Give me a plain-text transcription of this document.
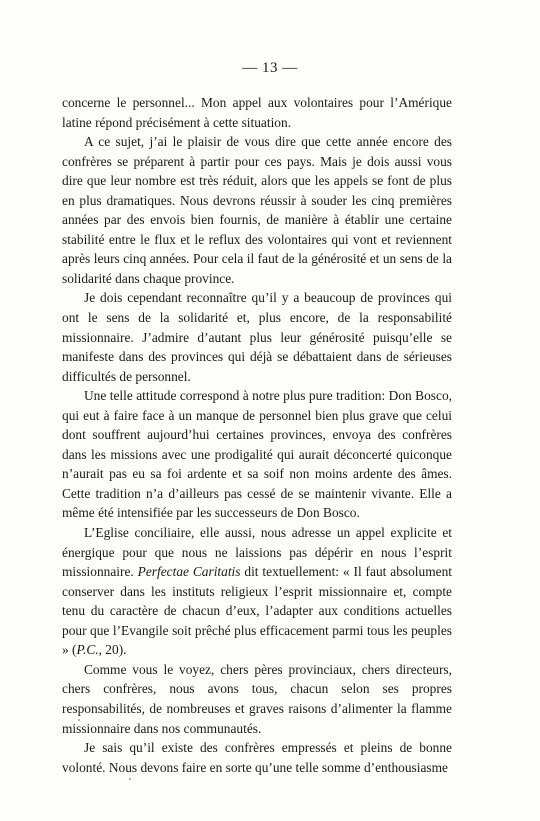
— 13 —

concerne le personnel... Mon appel aux volontaires pour l’Amérique latine répond précisément à cette situation.

A ce sujet, j’ai le plaisir de vous dire que cette année encore des confrères se préparent à partir pour ces pays. Mais je dois aussi vous dire que leur nombre est très réduit, alors que les appels se font de plus en plus dramatiques. Nous devrons réussir à souder les cinq premières années par des envois bien fournis, de manière à établir une certaine stabilité entre le flux et le reflux des volontaires qui vont et reviennent après leurs cinq années. Pour cela il faut de la générosité et un sens de la solidarité dans chaque province.

Je dois cependant reconnaître qu’il y a beaucoup de provinces qui ont le sens de la solidarité et, plus encore, de la responsabilité missionnaire. J’admire d’autant plus leur générosité puisqu’elle se manifeste dans des provinces qui déjà se débattaient dans de sérieuses difficultés de personnel.

Une telle attitude correspond à notre plus pure tradition: Don Bosco, qui eut à faire face à un manque de personnel bien plus grave que celui dont souffrent aujourd’hui certaines provinces, envoya des confrères dans les missions avec une prodigalité qui aurait déconcerté quiconque n’aurait pas eu sa foi ardente et sa soif non moins ardente des âmes. Cette tradition n’a d’ailleurs pas cessé de se maintenir vivante. Elle a même été intensifiée par les successeurs de Don Bosco.

L’Eglise conciliaire, elle aussi, nous adresse un appel explicite et énergique pour que nous ne laissions pas dépérir en nous l’esprit missionnaire. Perfectae Caritatis dit textuellement: « Il faut absolument conserver dans les instituts religieux l’esprit missionnaire et, compte tenu du caractère de chacun d’eux, l’adapter aux conditions actuelles pour que l’Evangile soit prêché plus efficacement parmi tous les peuples » (P.C., 20).

Comme vous le voyez, chers pères provinciaux, chers directeurs, chers confrères, nous avons tous, chacun selon ses propres responsabilités, de nombreuses et graves raisons d’alimenter la flamme missionnaire dans nos communautés.

Je sais qu’il existe des confrères empressés et pleins de bonne volonté. Nous devons faire en sorte qu’une telle somme d’enthousiasme
